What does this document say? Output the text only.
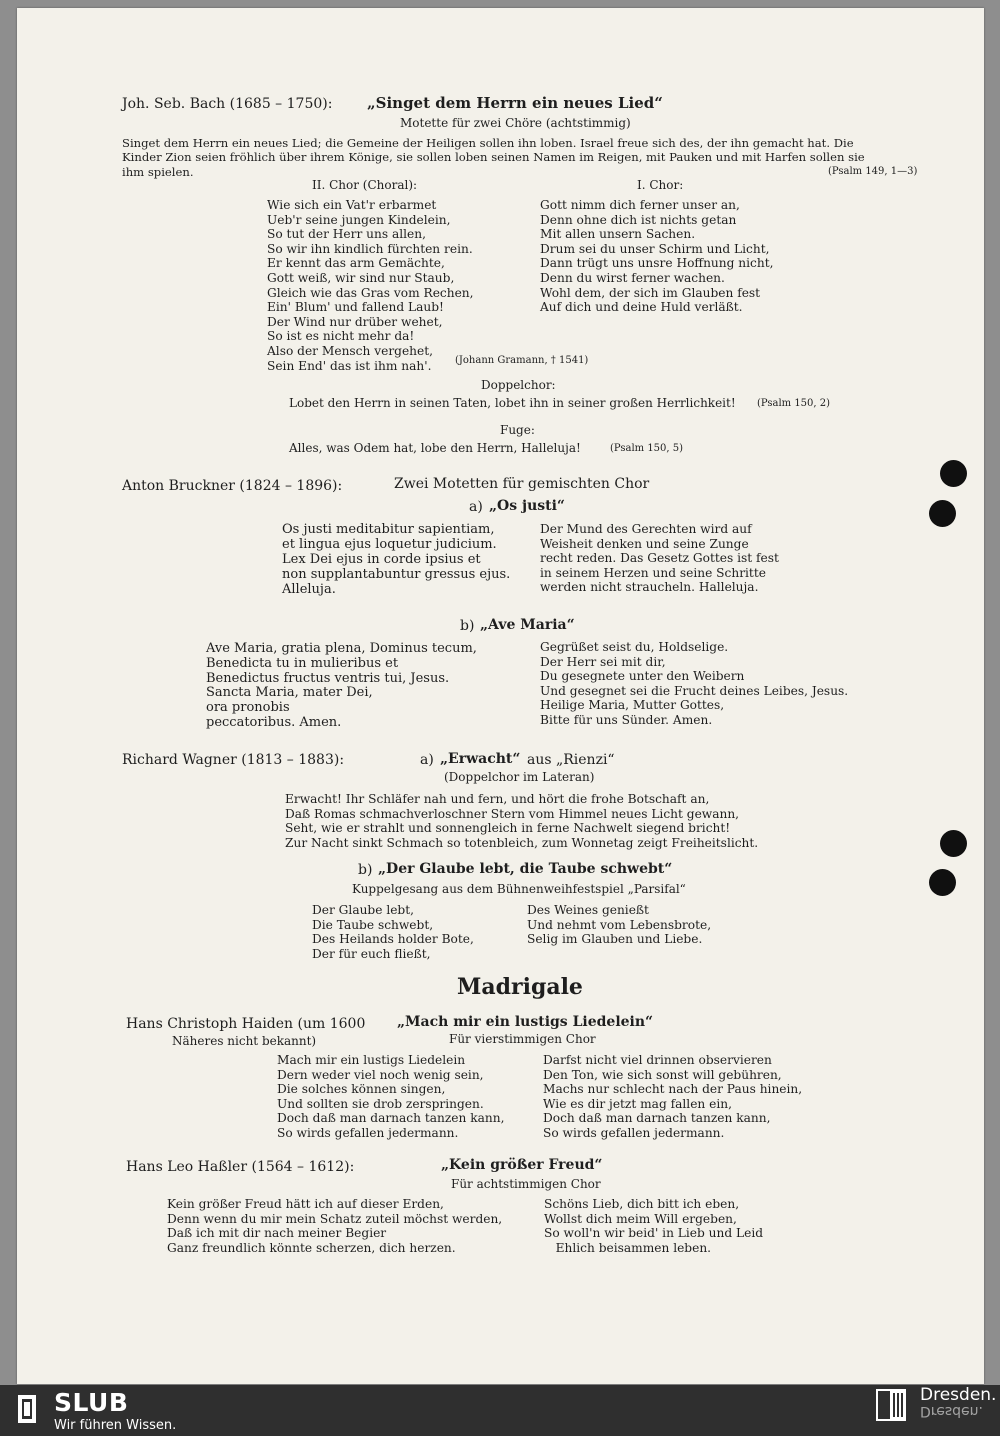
Joh. Seb. Bach (1685 – 1750): „Singet dem Herrn ein neues Lied“
Motette für zwei Chöre (achtstimmig)
Singet dem Herrn ein neues Lied; die Gemeine der Heiligen sollen ihn loben. Israel freue sich des, der ihn gemacht hat. Die
Kinder Zion seien fröhlich über ihrem Könige, sie sollen loben seinen Namen im Reigen, mit Pauken und mit Harfen sollen sie
ihm spielen.	(Psalm 149, 1—3)
II. Chor (Choral):	I. Chor:
Wie sich ein Vat'r erbarmet
Ueb'r seine jungen Kindelein,
So tut der Herr uns allen,
So wir ihn kindlich fürchten rein.
Er kennt das arm Gemächte,
Gott weiß, wir sind nur Staub,
Gleich wie das Gras vom Rechen,
Ein' Blum' und fallend Laub!
Der Wind nur drüber wehet,
So ist es nicht mehr da!
Also der Mensch vergehet,
Sein End' das ist ihm nah'.	(Johann Gramann, † 1541)
Gott nimm dich ferner unser an,
Denn ohne dich ist nichts getan
Mit allen unsern Sachen.
Drum sei du unser Schirm und Licht,
Dann trügt uns unsre Hoffnung nicht,
Denn du wirst ferner wachen.
Wohl dem, der sich im Glauben fest
Auf dich und deine Huld verläßt.
Doppelchor:
Lobet den Herrn in seinen Taten, lobet ihn in seiner großen Herrlichkeit! (Psalm 150, 2)
Fuge:
Alles, was Odem hat, lobe den Herrn, Halleluja!	(Psalm 150, 5)
Anton Bruckner (1824 – 1896):	Zwei Motetten für gemischten Chor
a) „Os justi“
Os justi meditabitur sapientiam,
et lingua ejus loquetur judicium.
Lex Dei ejus in corde ipsius et
non supplantabuntur gressus ejus.
Alleluja.
Der Mund des Gerechten wird auf
Weisheit denken und seine Zunge
recht reden. Das Gesetz Gottes ist fest
in seinem Herzen und seine Schritte
werden nicht straucheln. Halleluja.
b) „Ave Maria“
Ave Maria, gratia plena, Dominus tecum,
Benedicta tu in mulieribus et
Benedictus fructus ventris tui, Jesus.
Sancta Maria, mater Dei,
ora pronobis
peccatoribus. Amen.
Gegrüßet seist du, Holdselige.
Der Herr sei mit dir,
Du gesegnete unter den Weibern
Und gesegnet sei die Frucht deines Leibes, Jesus.
Heilige Maria, Mutter Gottes,
Bitte für uns Sünder. Amen.
Richard Wagner (1813 – 1883):	a) „Erwacht“ aus „Rienzi“
(Doppelchor im Lateran)
Erwacht! Ihr Schläfer nah und fern, und hört die frohe Botschaft an,
Daß Romas schmachverloschner Stern vom Himmel neues Licht gewann,
Seht, wie er strahlt und sonnengleich in ferne Nachwelt siegend bricht!
Zur Nacht sinkt Schmach so totenbleich, zum Wonnetag zeigt Freiheitslicht.
b) „Der Glaube lebt, die Taube schwebt“
Kuppelgesang aus dem Bühnenweihfestspiel „Parsifal“
Der Glaube lebt,
Die Taube schwebt,
Des Heilands holder Bote,
Der für euch fließt,
Des Weines genießt
Und nehmt vom Lebensbrote,
Selig im Glauben und Liebe.
Madrigale
Hans Christoph Haiden (um 1600
Näheres nicht bekannt)
„Mach mir ein lustigs Liedelein“
Für vierstimmigen Chor
Mach mir ein lustigs Liedelein
Dern weder viel noch wenig sein,
Die solches können singen,
Und sollten sie drob zerspringen.
Doch daß man darnach tanzen kann,
So wirds gefallen jedermann.
Darfst nicht viel drinnen observieren
Den Ton, wie sich sonst will gebühren,
Machs nur schlecht nach der Paus hinein,
Wie es dir jetzt mag fallen ein,
Doch daß man darnach tanzen kann,
So wirds gefallen jedermann.
Hans Leo Haßler (1564 – 1612):	„Kein größer Freud“
Für achtstimmigen Chor
Kein größer Freud hätt ich auf dieser Erden,
Denn wenn du mir mein Schatz zuteil möchst werden,
Daß ich mit dir nach meiner Begier
Ganz freundlich könnte scherzen, dich herzen.
Schöns Lieb, dich bitt ich eben,
Wollst dich meim Will ergeben,
So woll'n wir beid' in Lieb und Leid
Ehlich beisammen leben.
SLUB
Wir führen Wissen.
Dresden.
Dresden.
